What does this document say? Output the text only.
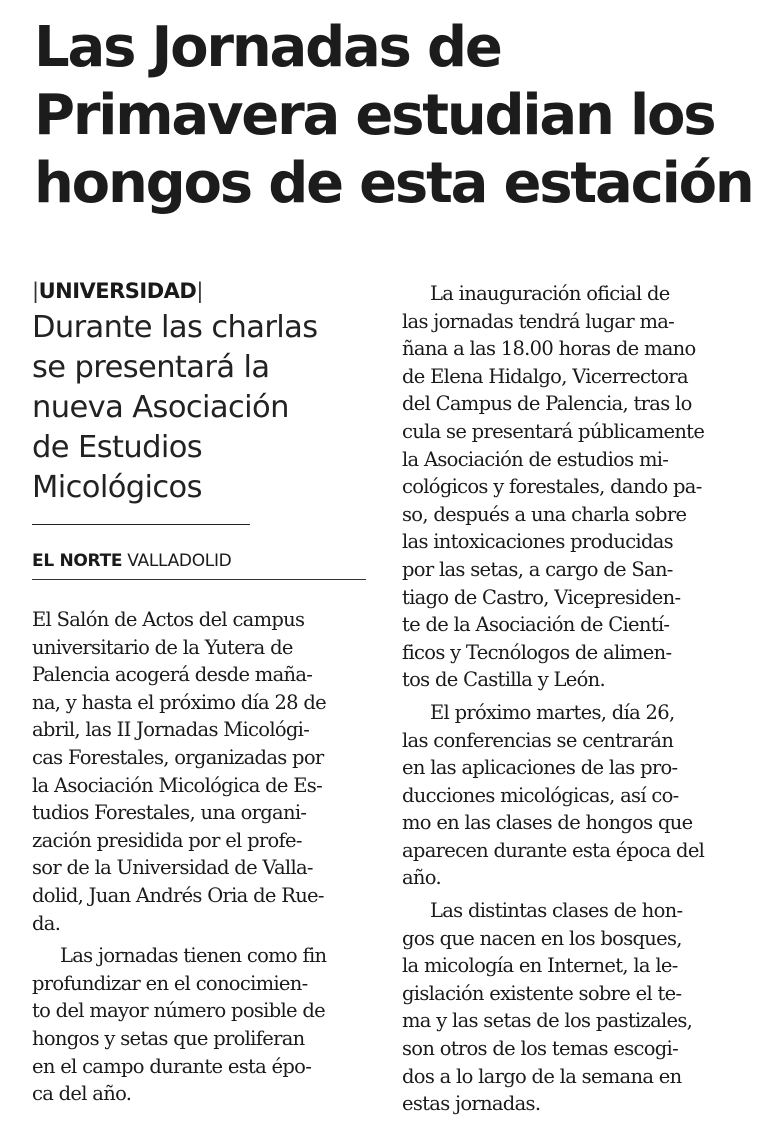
Las Jornadas de
Primavera estudian los
hongos de esta estación
|UNIVERSIDAD|
Durante las charlas
se presentará la
nueva Asociación
de Estudios
Micológicos
EL NORTE VALLADOLID
El Salón de Actos del campus
universitario de la Yutera de
Palencia acogerá desde maña-
na, y hasta el próximo día 28 de
abril, las II Jornadas Micológi-
cas Forestales, organizadas por
la Asociación Micológica de Es-
tudios Forestales, una organi-
zación presidida por el profe-
sor de la Universidad de Valla-
dolid, Juan Andrés Oria de Rue-
da.
Las jornadas tienen como fin
profundizar en el conocimien-
to del mayor número posible de
hongos y setas que proliferan
en el campo durante esta épo-
ca del año.
La inauguración oficial de
las jornadas tendrá lugar ma-
ñana a las 18.00 horas de mano
de Elena Hidalgo, Vicerrectora
del Campus de Palencia, tras lo
cula se presentará públicamente
la Asociación de estudios mi-
cológicos y forestales, dando pa-
so, después a una charla sobre
las intoxicaciones producidas
por las setas, a cargo de San-
tiago de Castro, Vicepresiden-
te de la Asociación de Cientí-
ficos y Tecnólogos de alimen-
tos de Castilla y León.
El próximo martes, día 26,
las conferencias se centrarán
en las aplicaciones de las pro-
ducciones micológicas, así co-
mo en las clases de hongos que
aparecen durante esta época del
año.
Las distintas clases de hon-
gos que nacen en los bosques,
la micología en Internet, la le-
gislación existente sobre el te-
ma y las setas de los pastizales,
son otros de los temas escogi-
dos a lo largo de la semana en
estas jornadas.
